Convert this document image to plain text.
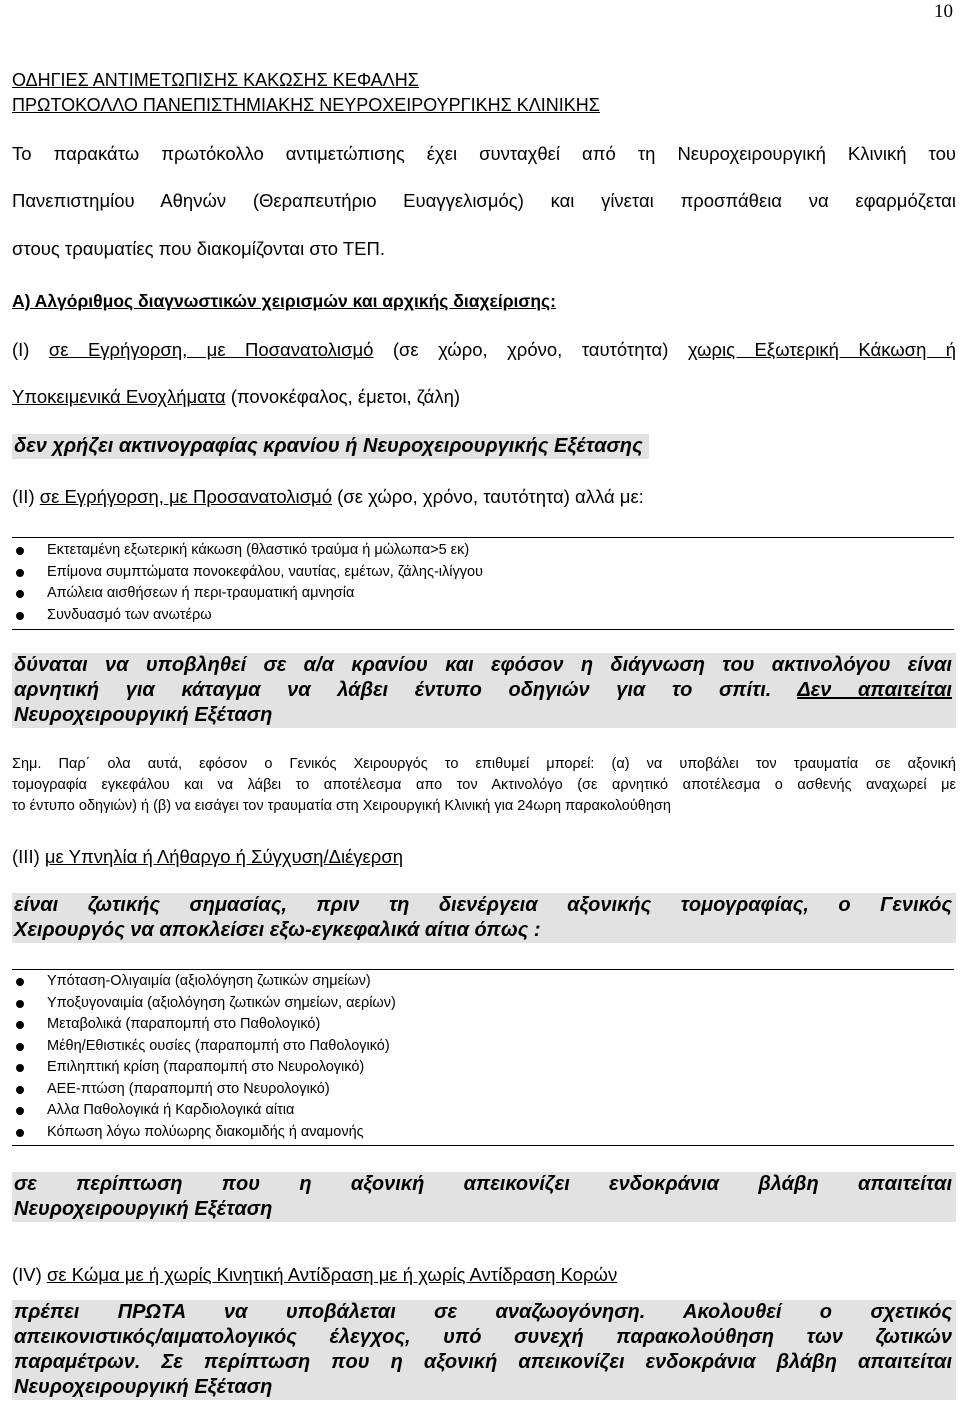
10
ΟΔΗΓΙΕΣ ΑΝΤΙΜΕΤΩΠΙΣΗΣ ΚΑΚΩΣΗΣ ΚΕΦΑΛΗΣ
ΠΡΩΤΟΚΟΛΛΟ ΠΑΝΕΠΙΣΤΗΜΙΑΚΗΣ ΝΕΥΡΟΧΕΙΡΟΥΡΓΙΚΗΣ ΚΛΙΝΙΚΗΣ
Το παρακάτω πρωτόκολλο αντιμετώπισης έχει συνταχθεί από τη Νευροχειρουργική Κλινική του
Πανεπιστημίου Αθηνών (Θεραπευτήριο Ευαγγελισμός) και γίνεται προσπάθεια να εφαρμόζεται
στους τραυματίες που διακομίζονται στο ΤΕΠ.
Α) Αλγόριθμος διαγνωστικών χειρισμών και αρχικής διαχείρισης:
(Ι) σε Εγρήγορση, με Ποσανατολισμό (σε χώρο, χρόνο, ταυτότητα) χωρις Εξωτερική Κάκωση ή
Υποκειμενικά Ενοχλήματα (πονοκέφαλος, έμετοι, ζάλη)
δεν χρήζει ακτινογραφίας κρανίου ή Νευροχειρουργικής Εξέτασης
(ΙΙ) σε Εγρήγορση, με Προσανατολισμό (σε χώρο, χρόνο, ταυτότητα) αλλά με:
Εκτεταμένη εξωτερική κάκωση (θλαστικό τραύμα ή μώλωπα>5 εκ)
Επίμονα συμπτώματα πονοκεφάλου, ναυτίας, εμέτων, ζάλης-ιλίγγου
Απώλεια αισθήσεων ή περι-τραυματική αμνησία
Συνδυασμό των ανωτέρω
δύναται να υποβληθεί σε α/α κρανίου και εφόσον η διάγνωση του ακτινολόγου είναι
αρνητική για κάταγμα να λάβει έντυπο οδηγιών για το σπίτι. Δεν απαιτείται
Νευροχειρουργική Εξέταση
Σημ. Παρ΄ ολα αυτά, εφόσον ο Γενικός Χειρουργός το επιθυμεί μπορεί: (α) να υποβάλει τον τραυματία σε αξονική
τομογραφία εγκεφάλου και να λάβει το αποτέλεσμα απο τον Ακτινολόγο (σε αρνητικό αποτέλεσμα ο ασθενής αναχωρεί με
το έντυπο οδηγιών) ή (β) να εισάγει τον τραυματία στη Χειρουργική Κλινική για 24ωρη παρακολούθηση
(ΙΙΙ) με Υπνηλία ή Λήθαργο ή Σύγχυση/Διέγερση
είναι ζωτικής σημασίας, πριν τη διενέργεια αξονικής τομογραφίας, ο Γενικός
Χειρουργός να αποκλείσει εξω-εγκεφαλικά αίτια όπως :
Υπόταση-Ολιγαιμία (αξιολόγηση ζωτικών σημείων)
Υποξυγοναιμία (αξιολόγηση ζωτικών σημείων, αερίων)
Μεταβολικά (παραπομπή στο Παθολογικό)
Μέθη/Εθιστικές ουσίες (παραπομπή στο Παθολογικό)
Επιληπτική κρίση (παραπομπή στο Νευρολογικό)
ΑΕΕ-πτώση (παραπομπή στο Νευρολογικό)
Αλλα Παθολογικά ή Καρδιολογικά αίτια
Κόπωση λόγω πολύωρης διακομιδής ή αναμονής
σε περίπτωση που η αξονική απεικονίζει ενδοκράνια βλάβη απαιτείται
Νευροχειρουργική Εξέταση
(ΙV) σε Κώμα με ή χωρίς Κινητική Αντίδραση με ή χωρίς Αντίδραση Κορών
πρέπει ΠΡΩΤΑ να υποβάλεται σε αναζωογόνηση. Ακολουθεί ο σχετικός
απεικονιστικός/αιματολογικός έλεγχος, υπό συνεχή παρακολούθηση των ζωτικών
παραμέτρων. Σε περίπτωση που η αξονική απεικονίζει ενδοκράνια βλάβη απαιτείται
Νευροχειρουργική Εξέταση
